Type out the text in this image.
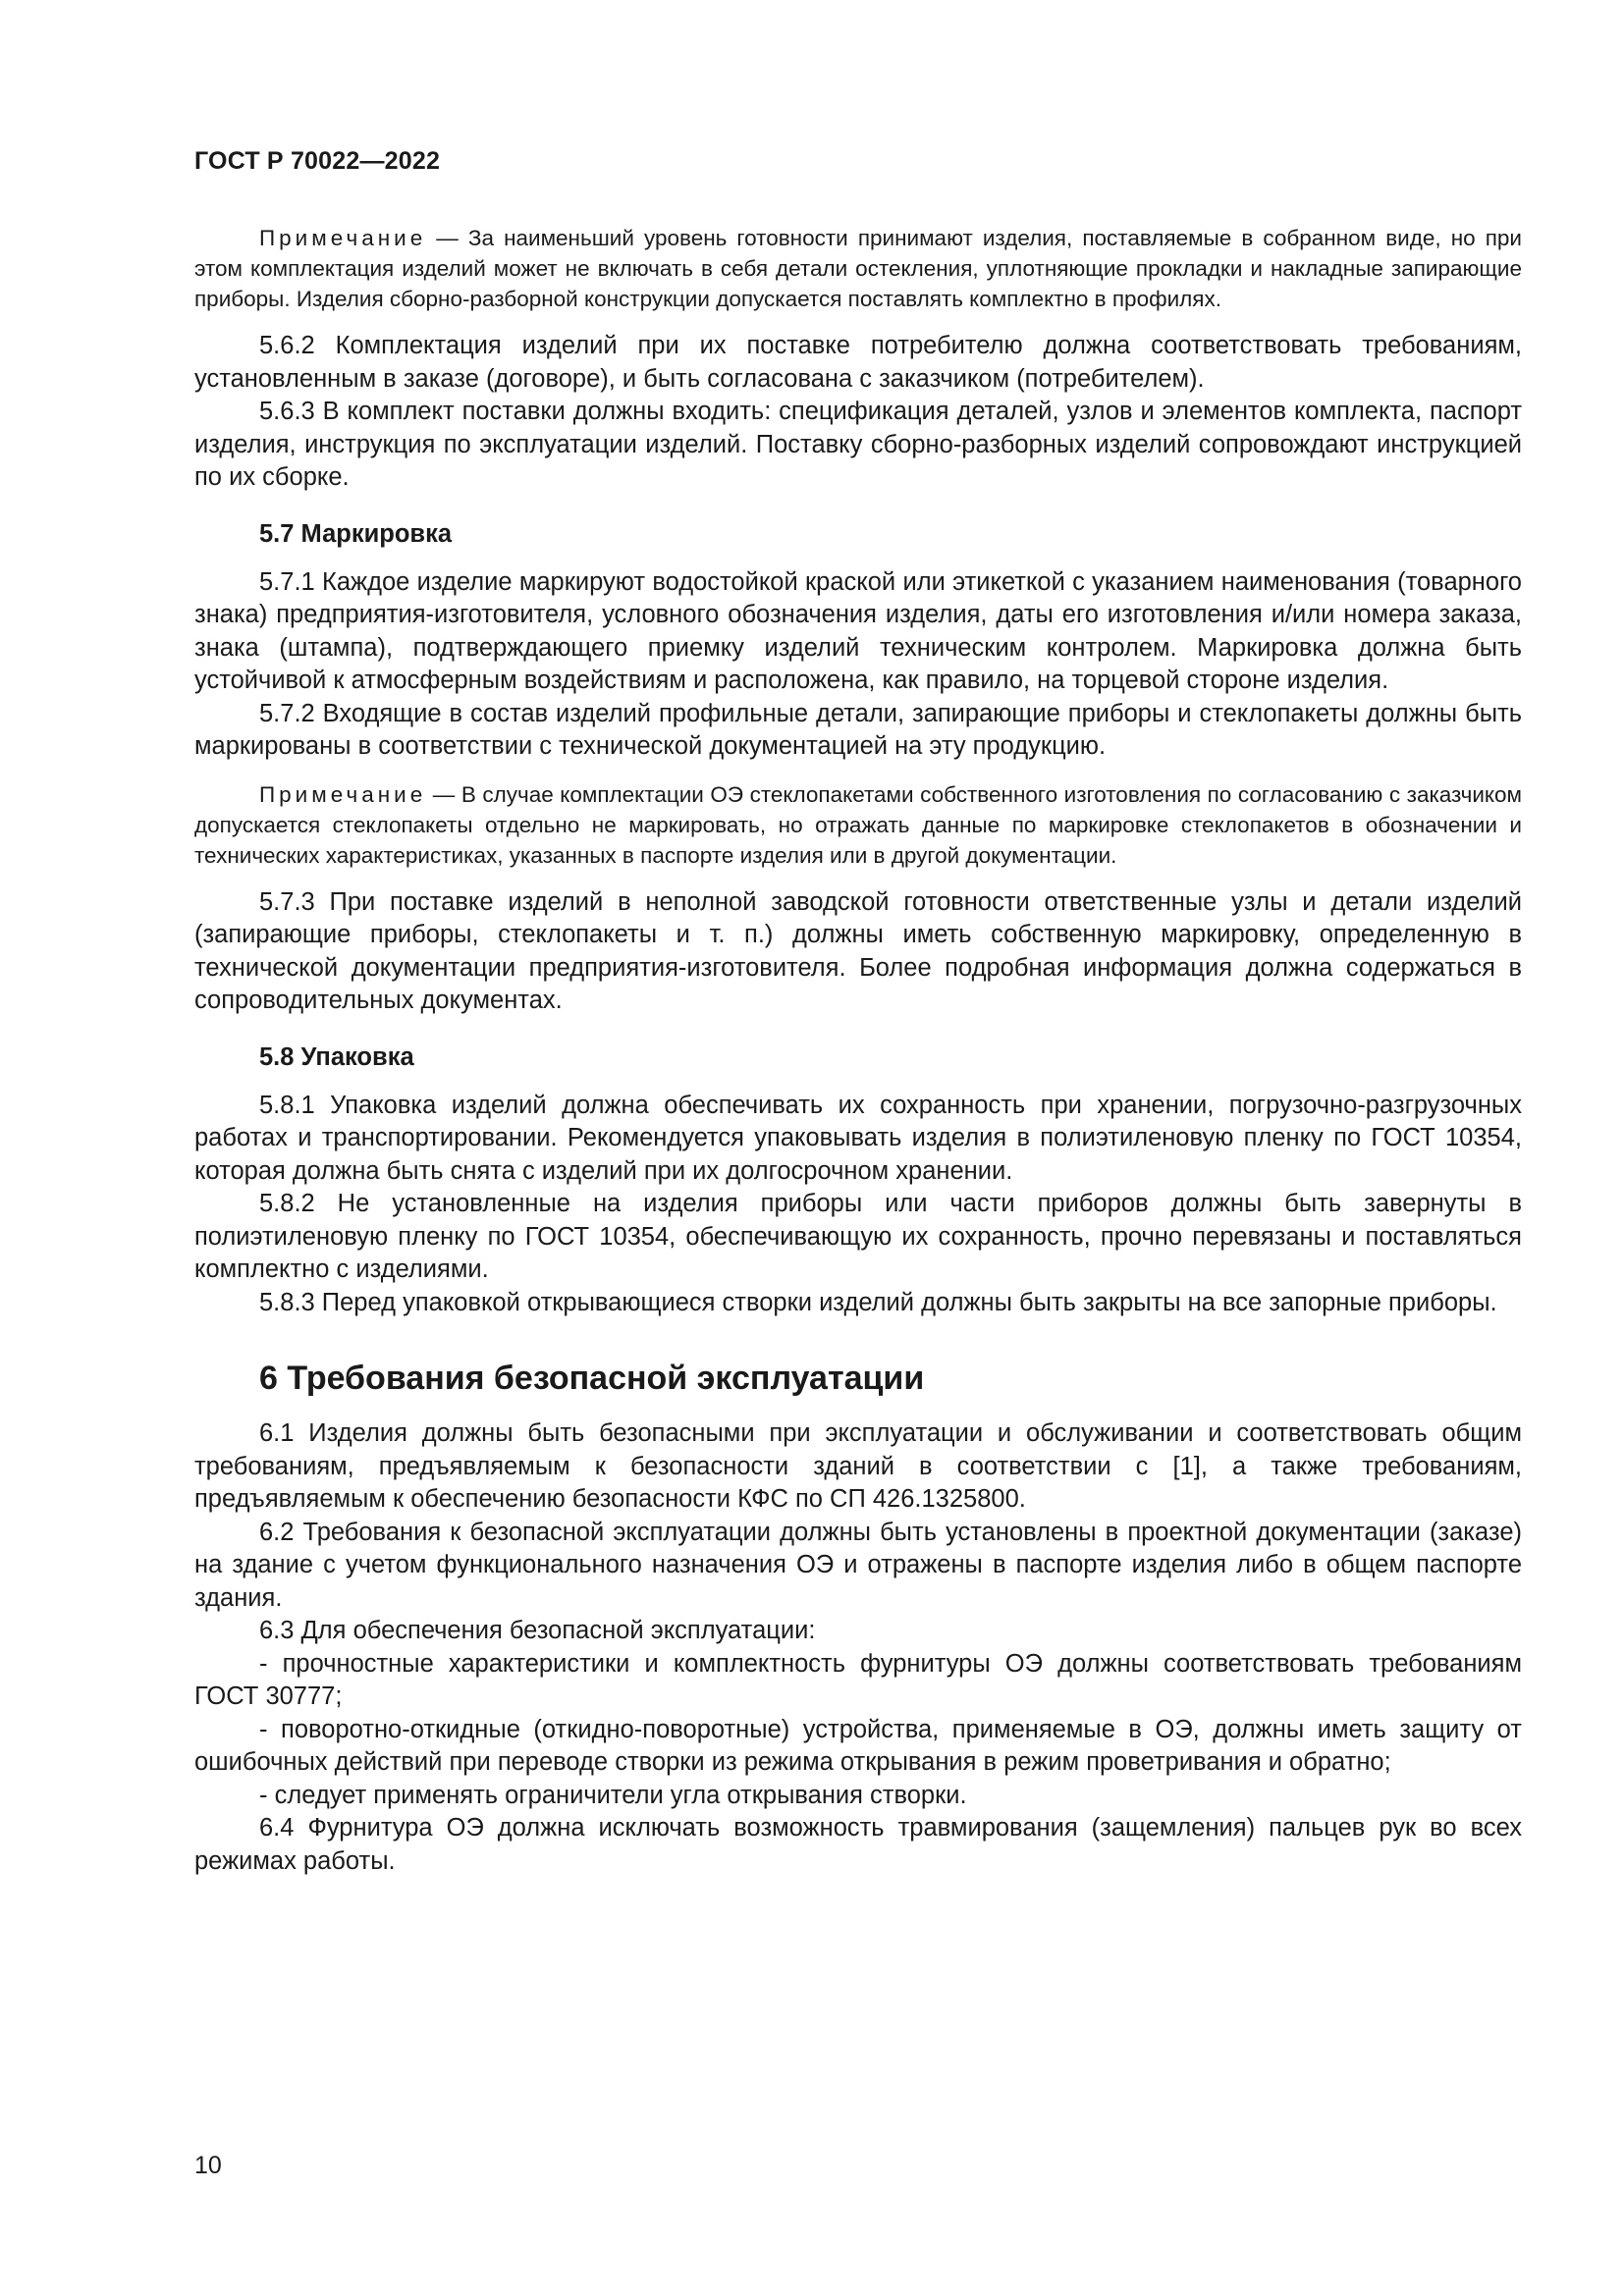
ГОСТ Р 70022—2022

Примечание — За наименьший уровень готовности принимают изделия, поставляемые в собранном виде, но при этом комплектация изделий может не включать в себя детали остекления, уплотняющие прокладки и накладные запирающие приборы. Изделия сборно-разборной конструкции допускается поставлять комплектно в профилях.

5.6.2 Комплектация изделий при их поставке потребителю должна соответствовать требованиям, установленным в заказе (договоре), и быть согласована с заказчиком (потребителем).

5.6.3 В комплект поставки должны входить: спецификация деталей, узлов и элементов комплекта, паспорт изделия, инструкция по эксплуатации изделий. Поставку сборно-разборных изделий сопровождают инструкцией по их сборке.

5.7 Маркировка

5.7.1 Каждое изделие маркируют водостойкой краской или этикеткой с указанием наименования (товарного знака) предприятия-изготовителя, условного обозначения изделия, даты его изготовления и/или номера заказа, знака (штампа), подтверждающего приемку изделий техническим контролем. Маркировка должна быть устойчивой к атмосферным воздействиям и расположена, как правило, на торцевой стороне изделия.

5.7.2 Входящие в состав изделий профильные детали, запирающие приборы и стеклопакеты должны быть маркированы в соответствии с технической документацией на эту продукцию.

Примечание — В случае комплектации ОЭ стеклопакетами собственного изготовления по согласованию с заказчиком допускается стеклопакеты отдельно не маркировать, но отражать данные по маркировке стеклопакетов в обозначении и технических характеристиках, указанных в паспорте изделия или в другой документации.

5.7.3 При поставке изделий в неполной заводской готовности ответственные узлы и детали изделий (запирающие приборы, стеклопакеты и т. п.) должны иметь собственную маркировку, определенную в технической документации предприятия-изготовителя. Более подробная информация должна содержаться в сопроводительных документах.

5.8 Упаковка

5.8.1 Упаковка изделий должна обеспечивать их сохранность при хранении, погрузочно-разгрузочных работах и транспортировании. Рекомендуется упаковывать изделия в полиэтиленовую пленку по ГОСТ 10354, которая должна быть снята с изделий при их долгосрочном хранении.

5.8.2 Не установленные на изделия приборы или части приборов должны быть завернуты в полиэтиленовую пленку по ГОСТ 10354, обеспечивающую их сохранность, прочно перевязаны и поставляться комплектно с изделиями.

5.8.3 Перед упаковкой открывающиеся створки изделий должны быть закрыты на все запорные приборы.

6 Требования безопасной эксплуатации

6.1 Изделия должны быть безопасными при эксплуатации и обслуживании и соответствовать общим требованиям, предъявляемым к безопасности зданий в соответствии с [1], а также требованиям, предъявляемым к обеспечению безопасности КФС по СП 426.1325800.

6.2 Требования к безопасной эксплуатации должны быть установлены в проектной документации (заказе) на здание с учетом функционального назначения ОЭ и отражены в паспорте изделия либо в общем паспорте здания.

6.3 Для обеспечения безопасной эксплуатации:

- прочностные характеристики и комплектность фурнитуры ОЭ должны соответствовать требованиям ГОСТ 30777;

- поворотно-откидные (откидно-поворотные) устройства, применяемые в ОЭ, должны иметь защиту от ошибочных действий при переводе створки из режима открывания в режим проветривания и обратно;

- следует применять ограничители угла открывания створки.

6.4 Фурнитура ОЭ должна исключать возможность травмирования (защемления) пальцев рук во всех режимах работы.

10
